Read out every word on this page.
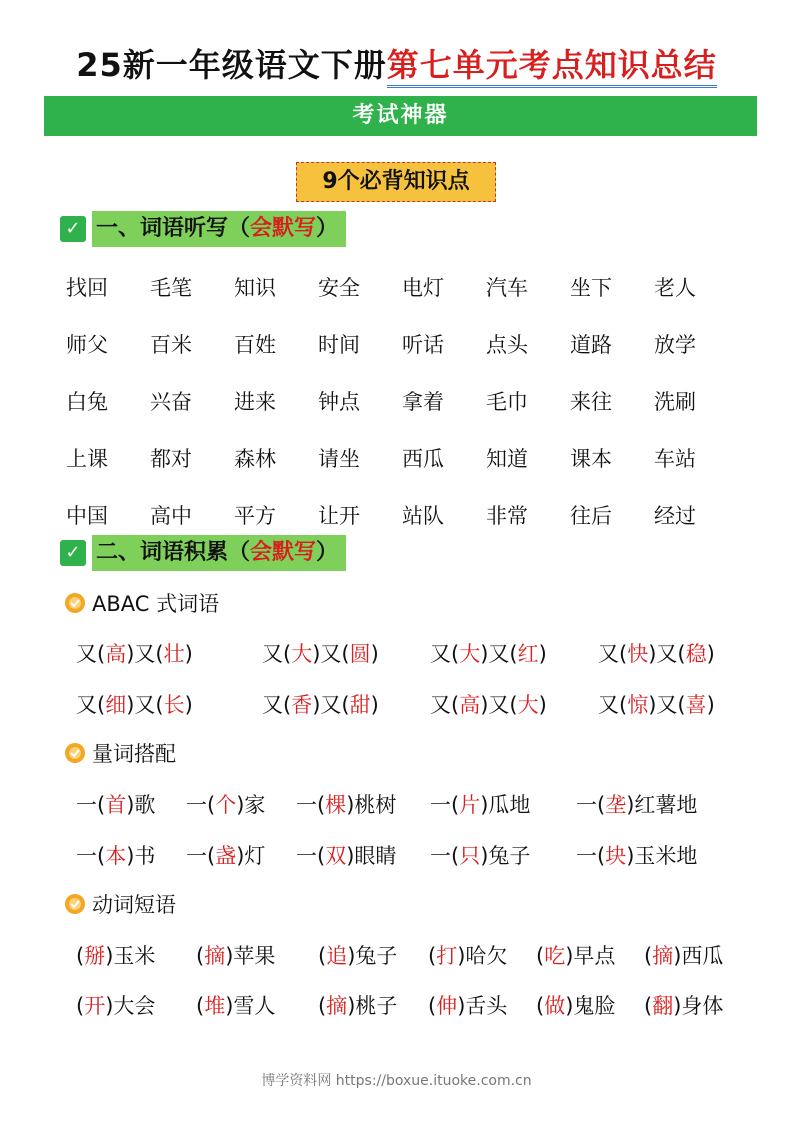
25新一年级语文下册第七单元考点知识总结
考试神器
9个必背知识点
✓ 一、词语听写（会默写）
找回 毛笔 知识 安全 电灯 汽车 坐下 老人
师父 百米 百姓 时间 听话 点头 道路 放学
白兔 兴奋 进来 钟点 拿着 毛巾 来往 洗刷
上课 都对 森林 请坐 西瓜 知道 课本 车站
中国 高中 平方 让开 站队 非常 往后 经过
✓ 二、词语积累（会默写）
ABAC 式词语
又(高)又(壮)	又(大)又(圆) 又(大)又(红) 又(快)又(稳)
又(细)又(长)	又(香)又(甜) 又(高)又(大) 又(惊)又(喜)
量词搭配
一(首)歌 一(个)家 一(棵)桃树 一(片)瓜地 一(垄)红薯地
一(本)书 一(盏)灯 一(双)眼睛 一(只)兔子 一(块)玉米地
动词短语
(掰)玉米 (摘)苹果 (追)兔子 (打)哈欠 (吃)早点 (摘)西瓜
(开)大会 (堆)雪人 (摘)桃子 (伸)舌头 (做)鬼脸 (翻)身体
博学资料网 https://boxue.ituoke.com.cn
